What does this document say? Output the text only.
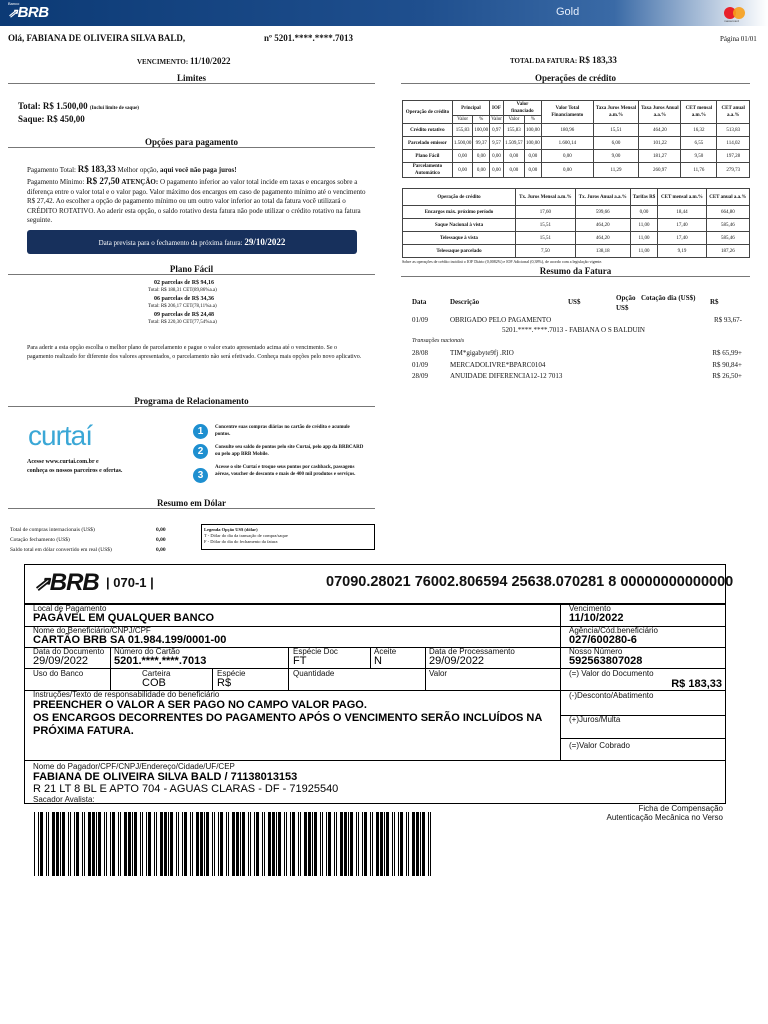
Banco
⇗BRB	Gold
mastercard
Olá, FABIANA DE OLIVEIRA SILVA BALD,	nº 5201.****.****.7013	Página 01/01
VENCIMENTO: 11/10/2022	TOTAL DA FATURA: R$ 183,33
Limites
Total: R$ 1.500,00 (Inclui limite de saque)
Saque: R$ 450,00
Opções para pagamento
Pagamento Total: R$ 183,33 Melhor opção, aqui você não paga juros!
Pagamento Mínimo: R$ 27,50 ATENÇÃO: O pagamento inferior ao valor total incide em taxas e encargos sobre a diferença entre o valor total e o valor pago. Valor máximo dos encargos em caso de pagamento mínimo até o vencimento R$ 27,42. Ao escolher a opção de pagamento mínimo ou um outro valor inferior ao total da fatura você utilizará o CRÉDITO ROTATIVO. Ao aderir esta opção, o saldo rotativo desta fatura não pode utilizar o crédito rotativo na fatura seguinte.
Data prevista para o fechamento da próxima fatura: 29/10/2022
Plano Fácil
02 parcelas de R$ 94,16
Total: R$ 188,31 CET(89,86%a.a)
06 parcelas de R$ 34,36
Total: R$ 206,17 CET(78,11%a.a)
09 parcelas de R$ 24,48
Total: R$ 220,30 CET(77,54%a.a)
Para aderir a esta opção escolha o melhor plano de parcelamento e pague o valor exato apresentado acima até o vencimento. Se o pagamento realizado for diferente dos valores apresentados, o parcelamento não será efetivado. Conheça mais opções pelo novo aplicativo.
Programa de Relacionamento
curtaí
Acesse www.curtai.com.br e
conheça os nossos parceiros e ofertas.
1	Concentre suas compras diárias no cartão de crédito e acumule pontos.
2	Consulte seu saldo de pontos pelo site Curtaí, pelo app da BRBCARD ou pelo app BRB Mobile.
3
Acesse o site Curtaí e troque seus pontos por cashback, passagens aéreas, voucher de desconto e mais de 400 mil produtos e serviços.
Resumo em Dólar
Total de compras internacionais (US$)	0,00
Cotação fechamento (US$)	0,00
Saldo total em dólar convertido em real (US$)	0,00
Legenda Opção US$ (dólar)
T - Dólar do dia da transação de compra/saque
F - Dólar do dia do fechamento da fatura
Operações de crédito
Operação de crédito	Principal		IOF	Valor financiado		Valor Total Financiamento	Taxa Juros Mensal a.m.%	Taxa Juros Anual a.a.%	CET mensal a.m.%	CET anual a.a.%
	Valor	%	Valor	Valor	%					
Crédito rotativo	155,83	100,00	0,97	155,83	100,00	180,96	15,51	464,20	16,32	513,83
Parcelado emissor	1.500,00	99,37	9,57	1.509,57	100,00	1.600,14	6,00	101,22	6,55	114,02
Plano Fácil	0,00	0,00	0,00	0,00	0,00	0,00	9,00	181,27	9,50	197,28
Parcelamento Automático	0,00	0,00	0,00	0,00	0,00	0,00	11,29	260,97	11,76	279,73
Operação de crédito	Tx. Juros Mensal a.m.%	Tx. Juros Anual a.a.%	Tarifas R$	CET mensal a.m.%	CET anual a.a.%
Encargos máx. próximo período	17,60	599,66	0,00	18,44	664,80
Saque Nacional à vista	15,51	464,20	11,00	17,40	585,46
Telessaque à vista	15,51	464,20	11,00	17,40	585,46
Telessaque parcelado	7,50	138,18	11,00	9,19	187,26
Sobre as operações de crédito incidirá o IOF Diário (0,0082%) e IOF Adicional (0,38%), de acordo com a legislação vigente.
Resumo da Fatura
Data	Descrição	US$	Opção US$
Cotação dia (US$)	R$
01/09	OBRIGADO PELO PAGAMENTO	R$ 93,67-
5201.****.****.7013 - FABIANA O S BALDUIN
Transações nacionais
28/08	TIM*gigabyte9fj .RIO	R$ 65,99+
01/09	MERCADOLIVRE*BPARC0104	R$ 90,84+
28/09	ANUIDADE DIFERENCIA12-12 7013	R$ 26,50+
⇗BRB | 070-1 |	07090.28021 76002.806594 25638.070281 8 00000000000000
Local de Pagamento
PAGÁVEL EM QUALQUER BANCO
Vencimento
11/10/2022
Nome do Beneficiário/CNPJ/CPF
CARTÃO BRB SA 01.984.199/0001-00
Agência/Cód.beneficiário
027/600280-6
Data do Documento
29/09/2022
Número do Cartão
5201.****.****.7013
Espécie Doc
FT
Aceite
N
Data de Processamento
29/09/2022
Nosso Número
592563807028
Uso do Banco	Carteira
COB
Espécie
R$
Quantidade	Valor	(=) Valor do Documento
R$ 183,33
Instruções/Texto de responsabilidade do beneficiário
PREENCHER O VALOR A SER PAGO NO CAMPO VALOR PAGO.
OS ENCARGOS DECORRENTES DO PAGAMENTO APÓS O VENCIMENTO SERÃO INCLUÍDOS NA PRÓXIMA FATURA.
(-)Desconto/Abatimento
(+)Juros/Multa
(=)Valor Cobrado
Nome do Pagador/CPF/CNPJ/Endereço/Cidade/UF/CEP
FABIANA DE OLIVEIRA SILVA BALD / 71138013153
R 21 LT 8 BL E APTO 704 - AGUAS CLARAS - DF - 71925540
Sacador Avalista:
Ficha de Compensação
Autenticação Mecânica no Verso
